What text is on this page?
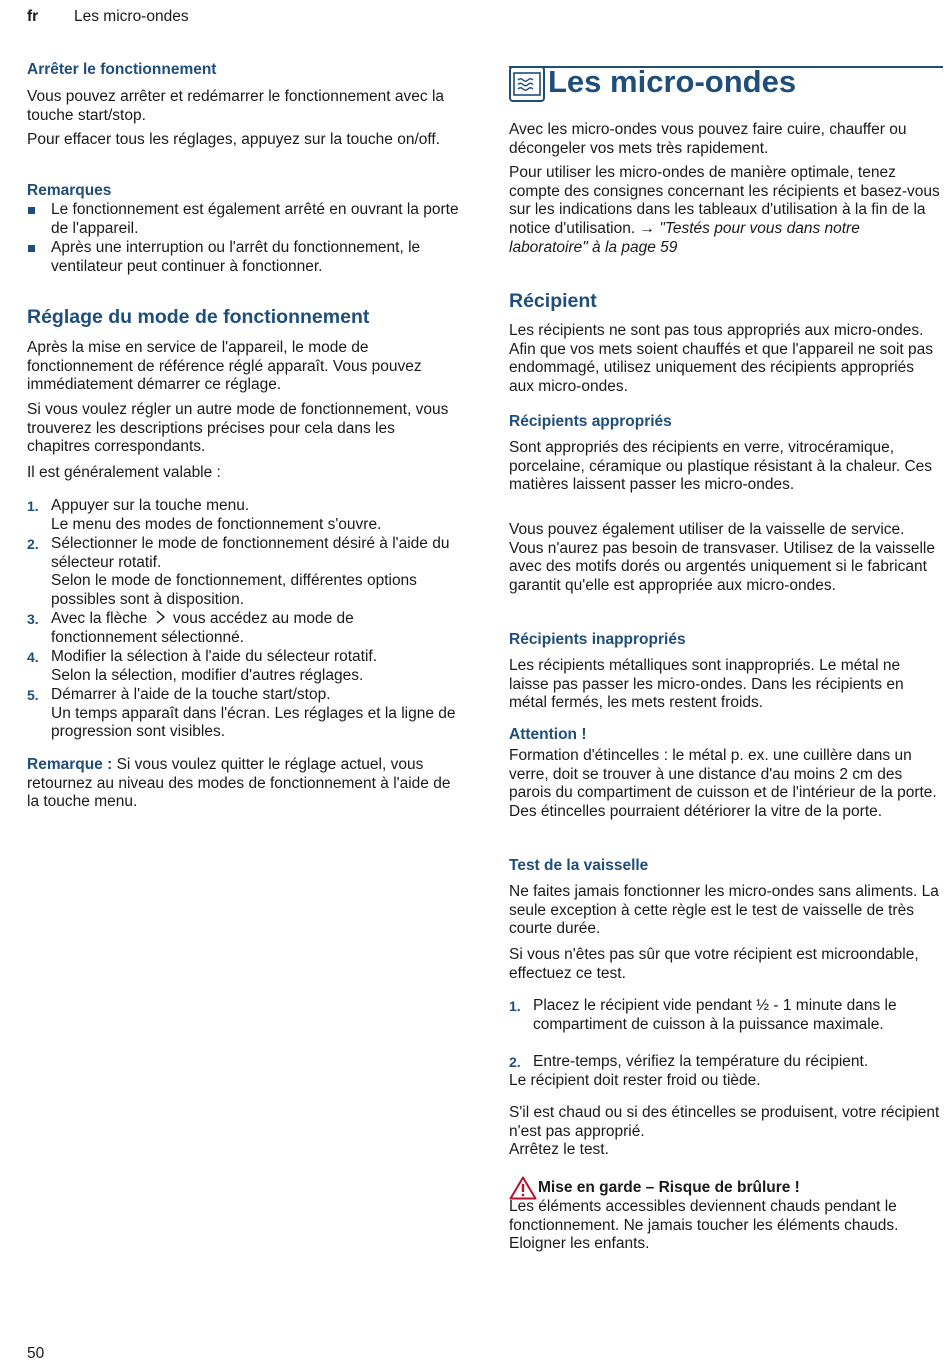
fr Les micro-ondes
Arrêter le fonctionnement

Vous pouvez arrêter et redémarrer le fonctionnement avec la touche start/stop.

Pour effacer tous les réglages, appuyez sur la touche on/off.

Remarques
Le fonctionnement est également arrêté en ouvrant la porte de l'appareil.
Après une interruption ou l'arrêt du fonctionnement, le ventilateur peut continuer à fonctionner.
Réglage du mode de fonctionnement

Après la mise en service de l'appareil, le mode de fonctionnement de référence réglé apparaît. Vous pouvez immédiatement démarrer ce réglage.

Si vous voulez régler un autre mode de fonctionnement, vous trouverez les descriptions précises pour cela dans les chapitres correspondants.

Il est généralement valable :

1. Appuyer sur la touche menu.
Le menu des modes de fonctionnement s'ouvre.
2. Sélectionner le mode de fonctionnement désiré à l'aide du sélecteur rotatif.
Selon le mode de fonctionnement, différentes options possibles sont à disposition.
3. Avec la flèche vous accédez au mode de fonctionnement sélectionné.
4. Modifier la sélection à l'aide du sélecteur rotatif.
Selon la sélection, modifier d'autres réglages.
5. Démarrer à l'aide de la touche start/stop.
Un temps apparaît dans l'écran. Les réglages et la ligne de progression sont visibles.

Remarque : Si vous voulez quitter le réglage actuel, vous retournez au niveau des modes de fonctionnement à l'aide de la touche menu.

Les micro-ondes

Avec les micro-ondes vous pouvez faire cuire, chauffer ou décongeler vos mets très rapidement.

Pour utiliser les micro-ondes de manière optimale, tenez compte des consignes concernant les récipients et basez-vous sur les indications dans les tableaux d'utilisation à la fin de la notice d'utilisation. → "Testés pour vous dans notre laboratoire" à la page 59

Récipient

Les récipients ne sont pas tous appropriés aux micro-ondes. Afin que vos mets soient chauffés et que l'appareil ne soit pas endommagé, utilisez uniquement des récipients appropriés aux micro-ondes.

Récipients appropriés

Sont appropriés des récipients en verre, vitrocéramique, porcelaine, céramique ou plastique résistant à la chaleur. Ces matières laissent passer les micro-ondes.

Vous pouvez également utiliser de la vaisselle de service. Vous n'aurez pas besoin de transvaser. Utilisez de la vaisselle avec des motifs dorés ou argentés uniquement si le fabricant garantit qu'elle est appropriée aux micro-ondes.

Récipients inappropriés

Les récipients métalliques sont inappropriés. Le métal ne laisse pas passer les micro-ondes. Dans les récipients en métal fermés, les mets restent froids.

Attention !

Formation d'étincelles : le métal p. ex. une cuillère dans un verre, doit se trouver à une distance d'au moins 2 cm des parois du compartiment de cuisson et de l'intérieur de la porte. Des étincelles pourraient détériorer la vitre de la porte.

Test de la vaisselle

Ne faites jamais fonctionner les micro-ondes sans aliments. La seule exception à cette règle est le test de vaisselle de très courte durée.

Si vous n'êtes pas sûr que votre récipient est microondable, effectuez ce test.

1. Placez le récipient vide pendant ½ - 1 minute dans le compartiment de cuisson à la puissance maximale.
2. Entre-temps, vérifiez la température du récipient.

Le récipient doit rester froid ou tiède.

S'il est chaud ou si des étincelles se produisent, votre récipient n'est pas approprié.

Arrêtez le test.

Mise en garde – Risque de brûlure !

Les éléments accessibles deviennent chauds pendant le fonctionnement. Ne jamais toucher les éléments chauds. Eloigner les enfants.

50
